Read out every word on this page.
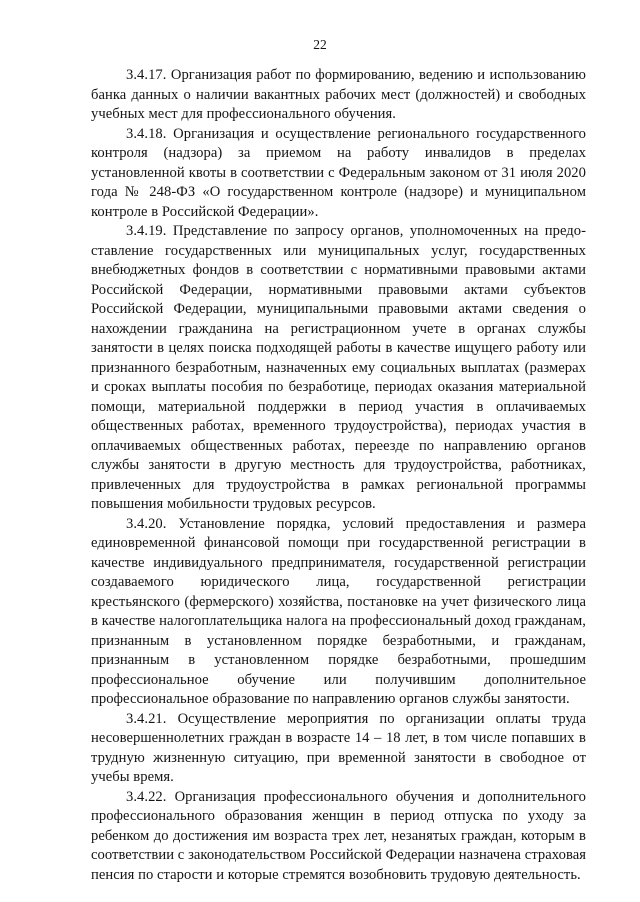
22

3.4.17. Организация работ по формированию, ведению и использованию банка данных о наличии вакантных рабочих мест (должностей) и свободных учебных мест для профессионального обучения.

3.4.18. Организация и осуществление регионального государственного контроля (надзора) за приемом на работу инвалидов в пределах установленной квоты в соответствии с Федеральным законом от 31 июля 2020 года № 248-ФЗ «О государственном контроле (надзоре) и муниципальном контроле в Российской Федерации».

3.4.19. Представление по запросу органов, уполномоченных на предоставление государственных или муниципальных услуг, государственных внебюджетных фондов в соответствии с нормативными правовыми актами Российской Федерации, нормативными правовыми актами субъектов Российской Федерации, муниципальными правовыми актами сведения о нахождении гражданина на регистрационном учете в органах службы занятости в целях поиска подходящей работы в качестве ищущего работу или признанного безработным, назначенных ему социальных выплатах (размерах и сроках выплаты пособия по безработице, периодах оказания материальной помощи, материальной поддержки в период участия в оплачиваемых общественных работах, временного трудоустройства), периодах участия в оплачиваемых общественных работах, переезде по направлению органов службы занятости в другую местность для трудоустройства, работниках, привлеченных для трудоустройства в рамках региональной программы повышения мобильности трудовых ресурсов.

3.4.20. Установление порядка, условий предоставления и размера единовременной финансовой помощи при государственной регистрации в качестве индивидуального предпринимателя, государственной регистрации создаваемого юридического лица, государственной регистрации крестьянского (фермерского) хозяйства, постановке на учет физического лица в качестве налогоплательщика налога на профессиональный доход гражданам, признанным в установленном порядке безработными, и гражданам, признанным в установленном порядке безработными, прошедшим профессиональное обучение или получившим дополнительное профессиональное образование по направлению органов службы занятости.

3.4.21. Осуществление мероприятия по организации оплаты труда несовершеннолетних граждан в возрасте 14 – 18 лет, в том числе попавших в трудную жизненную ситуацию, при временной занятости в свободное от учебы время.

3.4.22. Организация профессионального обучения и дополнительного профессионального образования женщин в период отпуска по уходу за ребенком до достижения им возраста трех лет, незанятых граждан, которым в соответствии с законодательством Российской Федерации назначена страховая пенсия по старости и которые стремятся возобновить трудовую деятельность.
